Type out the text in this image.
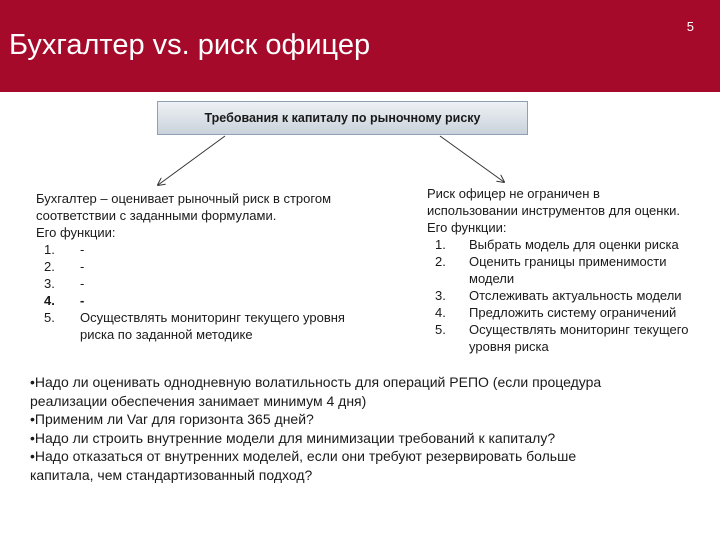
Бухгалтер vs. риск офицер
5
Требования к капиталу по рыночному риску

Бухгалтер – оценивает рыночный риск в строгом

соответствии с заданными формулами.

Его функции:

1.	-
2.	-
3.	-
4.	-
5.	Осуществлять мониторинг текущего уровня
риска по заданной методике

Риск офицер не ограничен в

использовании инструментов для оценки.

Его функции:

1.	Выбрать модель для оценки риска
2.	Оценить границы применимости
модели
3.	Отслеживать актуальность модели
4.	Предложить систему ограничений
5.	Осуществлять мониторинг текущего
уровня риска

•Надо ли оценивать однодневную волатильность для операций РЕПО (если процедура

реализации обеспечения занимает минимум 4 дня)

•Применим ли Var для горизонта 365 дней?

•Надо ли строить внутренние модели для минимизации требований к капиталу?

•Надо отказаться от внутренних моделей, если они требуют резервировать больше

капитала, чем стандартизованный подход?
